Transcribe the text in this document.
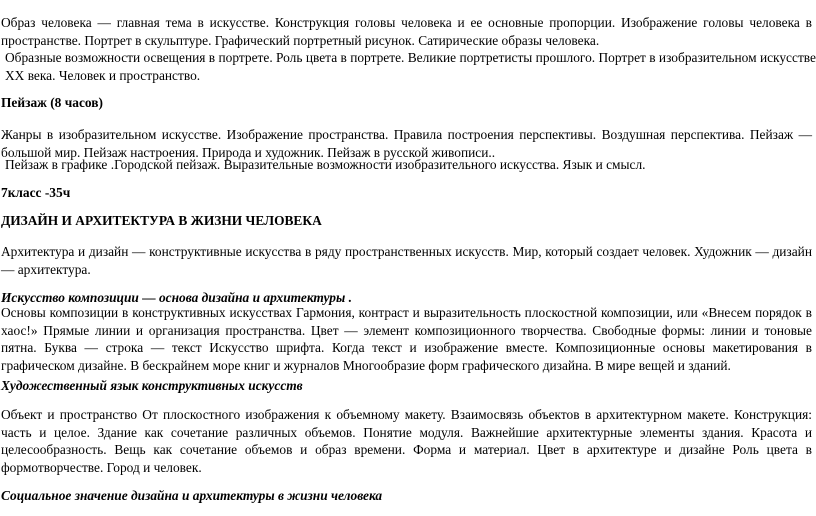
Образ человека — главная тема в искусстве. Конструкция головы человека и ее основные пропорции. Изображение головы человека в пространстве. Портрет в скульптуре. Графический портретный рисунок. Сатирические образы человека.

Образные возможности освещения в портрете. Роль цвета в портрете. Великие портретисты прошлого. Портрет в изобразительном искусстве XX века. Человек и пространство.

Пейзаж (8 часов)

Жанры в изобразительном искусстве. Изображение пространства. Правила построения перспективы. Воздушная перспектива. Пейзаж — большой мир. Пейзаж настроения. Природа и художник. Пейзаж в русской живописи..

Пейзаж в графике .Городской пейзаж. Выразительные возможности изобразительного искусства. Язык и смысл.

7класс -35ч

ДИЗАЙН И АРХИТЕКТУРА В ЖИЗНИ ЧЕЛОВЕКА

Архитектура и дизайн — конструктивные искусства в ряду пространственных искусств. Мир, который создает человек. Художник — дизайн — архитектура.

Искусство композиции — основа дизайна и архитектуры .

Основы композиции в конструктивных искусствах Гармония, контраст и выразительность плоскостной композиции, или «Внесем порядок в хаос!» Прямые линии и организация пространства. Цвет — элемент композиционного творчества. Свободные формы: линии и тоновые пятна. Буква — строка — текст Искусство шрифта. Когда текст и изображение вместе. Композиционные основы макетирования в графическом дизайне. В бескрайнем море книг и журналов Многообразие форм графического дизайна. В мире вещей и зданий.

Художественный язык конструктивных искусств

Объект и пространство От плоскостного изображения к объемному макету. Взаимосвязь объектов в архитектурном макете. Конструкция: часть и целое. Здание как сочетание различных объемов. Понятие модуля. Важнейшие архитектурные элементы здания. Красота и целесообразность. Вещь как сочетание объемов и образ времени. Форма и материал. Цвет в архитектуре и дизайне Роль цвета в формотворчестве. Город и человек.

Социальное значение дизайна и архитектуры в жизни человека
